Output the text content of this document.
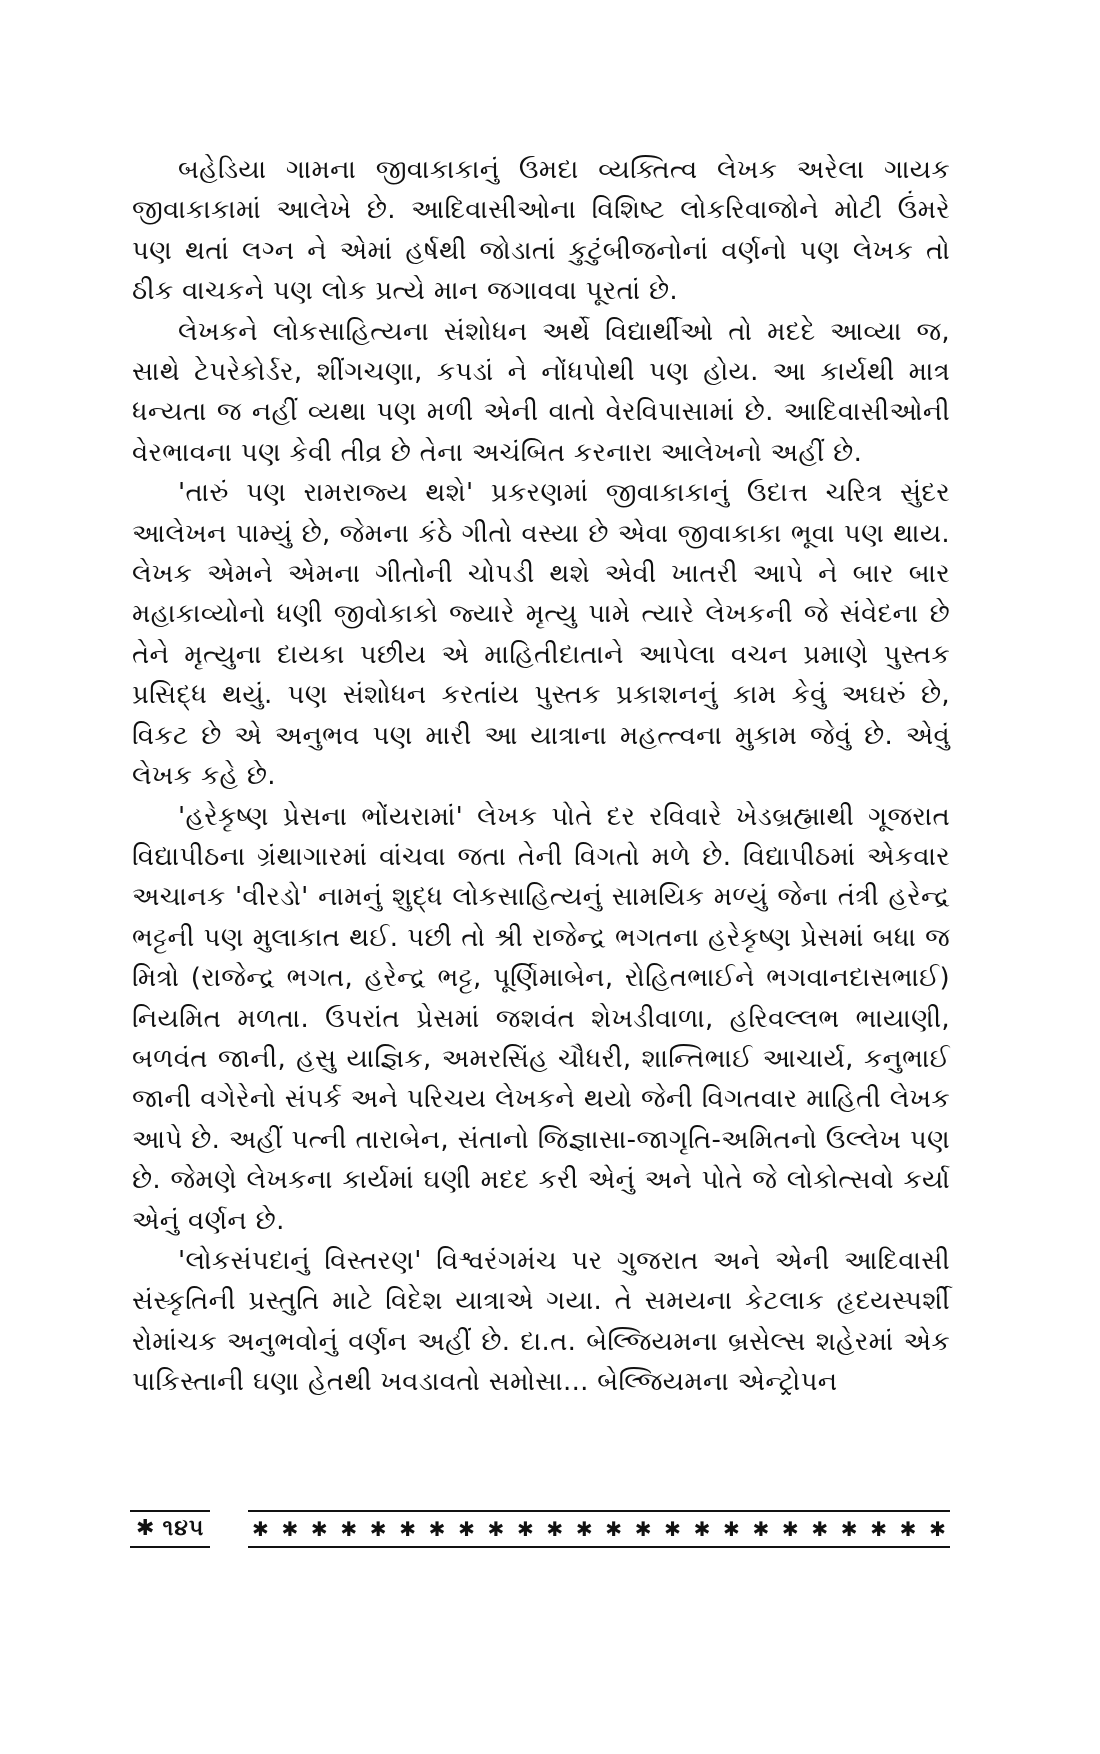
બહેડિયા ગામના જીવાકાકાનું ઉમદા વ્યક્તિત્વ લેખક અરેલા ગાયક જીવાકાકામાં આલેખે છે. આદિવાસીઓના વિશિષ્ટ લોકરિવાજોને મોટી ઉંમરે પણ થતાં લગ્ન ને એમાં હર્ષથી જોડાતાં કુટુંબીજનોનાં વર્ણનો પણ લેખક તો ઠીક વાચકને પણ લોક પ્રત્યે માન જગાવવા પૂરતાં છે.

લેખકને લોકસાહિત્યના સંશોધન અર્થે વિદ્યાર્થીઓ તો મદદે આવ્યા જ, સાથે ટેપરેકોર્ડર, શીંગચણા, કપડાં ને નોંધપોથી પણ હોય. આ કાર્યથી માત્ર ધન્યતા જ નહીં વ્યથા પણ મળી એની વાતો વેરવિપાસામાં છે. આદિવાસીઓની વેરભાવના પણ કેવી તીવ્ર છે તેના અચંબિત કરનારા આલેખનો અહીં છે.

'તારું પણ રામરાજ્ય થશે' પ્રકરણમાં જીવાકાકાનું ઉદાત્ત ચરિત્ર સુંદર આલેખન પામ્યું છે, જેમના કંઠે ગીતો વસ્યા છે એવા જીવાકાકા ભૂવા પણ થાય. લેખક એમને એમના ગીતોની ચોપડી થશે એવી ખાતરી આપે ને બાર બાર મહાકાવ્યોનો ધણી જીવોકાકો જ્યારે મૃત્યુ પામે ત્યારે લેખકની જે સંવેદના છે તેને મૃત્યુના દાયકા પછીય એ માહિતીદાતાને આપેલા વચન પ્રમાણે પુસ્તક પ્રસિદ્ધ થયું. પણ સંશોધન કરતાંય પુસ્તક પ્રકાશનનું કામ કેવું અઘરું છે, વિકટ છે એ અનુભવ પણ મારી આ યાત્રાના મહત્ત્વના મુકામ જેવું છે. એવું લેખક કહે છે.

'હરેકૃષ્ણ પ્રેસના ભોંયરામાં' લેખક પોતે દર રવિવારે ખેડબ્રહ્માથી ગૂજરાત વિદ્યાપીઠના ગ્રંથાગારમાં વાંચવા જતા તેની વિગતો મળે છે. વિદ્યાપીઠમાં એકવાર અચાનક 'વીરડો' નામનું શુદ્ધ લોકસાહિત્યનું સામયિક મળ્યું જેના તંત્રી હરેન્દ્ર ભટ્ટની પણ મુલાકાત થઈ. પછી તો શ્રી રાજેન્દ્ર ભગતના હરેકૃષ્ણ પ્રેસમાં બધા જ મિત્રો (રાજેન્દ્ર ભગત, હરેન્દ્ર ભટ્ટ, પૂર્ણિમાબેન, રોહિતભાઈને ભગવાનદાસભાઈ) નિયમિત મળતા. ઉપરાંત પ્રેસમાં જશવંત શેખડીવાળા, હરિવલ્લભ ભાયાણી, બળવંત જાની, હસુ યાજ્ઞિક, અમરસિંહ ચૌધરી, શાન્તિભાઈ આચાર્ય, કનુભાઈ જાની વગેરેનો સંપર્ક અને પરિચય લેખકને થયો જેની વિગતવાર માહિતી લેખક આપે છે. અહીં પત્ની તારાબેન, સંતાનો જિજ્ઞાસા-જાગૃતિ-અમિતનો ઉલ્લેખ પણ છે. જેમણે લેખકના કાર્યમાં ઘણી મદદ કરી એનું અને પોતે જે લોકોત્સવો કર્યા એનું વર્ણન છે.

'લોકસંપદાનું વિસ્તરણ' વિશ્વરંગમંચ પર ગુજરાત અને એની આદિવાસી સંસ્કૃતિની પ્રસ્તુતિ માટે વિદેશ યાત્રાએ ગયા. તે સમયના કેટલાક હૃદયસ્પર્શી રોમાંચક અનુભવોનું વર્ણન અહીં છે. દા.ત. બેલ્જિયમના બ્રસેલ્સ શહેરમાં એક પાકિસ્તાની ઘણા હેતથી ખવડાવતો સમોસા... બેલ્જિયમના એન્ટ્રોપન

✱ ૧૪૫ ✱ ✱ ✱ ✱ ✱ ✱ ✱ ✱ ✱ ✱ ✱ ✱ ✱ ✱ ✱ ✱ ✱ ✱ ✱ ✱ ✱ ✱ ✱ ✱
